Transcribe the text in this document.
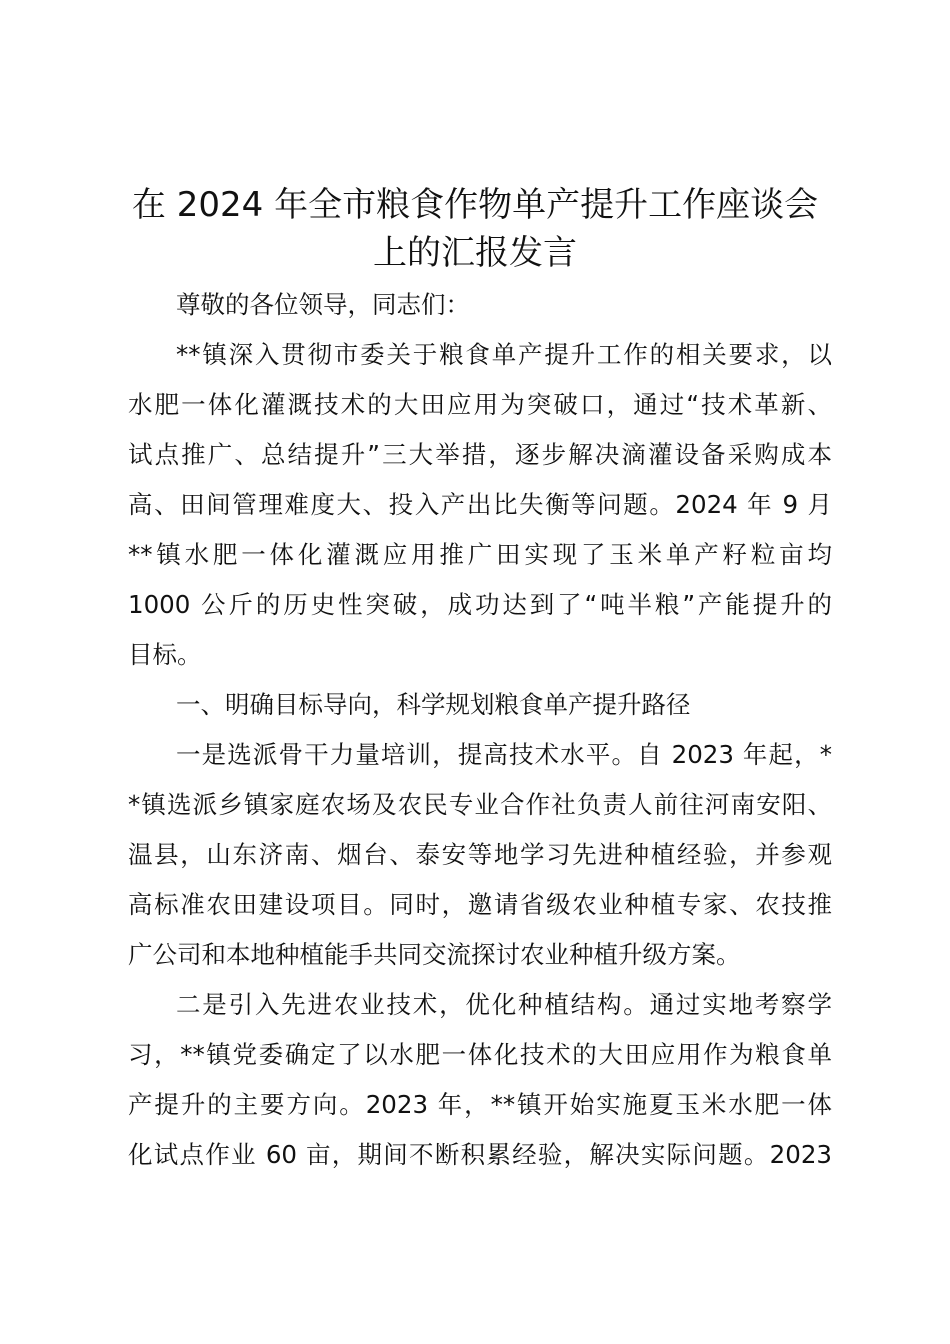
在 2024 年全市粮食作物单产提升工作座谈会
上的汇报发言

尊敬的各位领导，同志们：

**镇深入贯彻市委关于粮食单产提升工作的相关要求，以
水肥一体化灌溉技术的大田应用为突破口，通过“技术革新、
试点推广、总结提升”三大举措，逐步解决滴灌设备采购成本
高、田间管理难度大、投入产出比失衡等问题。2024 年 9 月
**镇水肥一体化灌溉应用推广田实现了玉米单产籽粒亩均
1000 公斤的历史性突破，成功达到了“吨半粮”产能提升的
目标。

一、明确目标导向，科学规划粮食单产提升路径

一是选派骨干力量培训，提高技术水平。自 2023 年起，*
*镇选派乡镇家庭农场及农民专业合作社负责人前往河南安阳、
温县，山东济南、烟台、泰安等地学习先进种植经验，并参观
高标准农田建设项目。同时，邀请省级农业种植专家、农技推
广公司和本地种植能手共同交流探讨农业种植升级方案。

二是引入先进农业技术，优化种植结构。通过实地考察学
习，**镇党委确定了以水肥一体化技术的大田应用作为粮食单
产提升的主要方向。2023 年，**镇开始实施夏玉米水肥一体
化试点作业 60 亩，期间不断积累经验，解决实际问题。2023
